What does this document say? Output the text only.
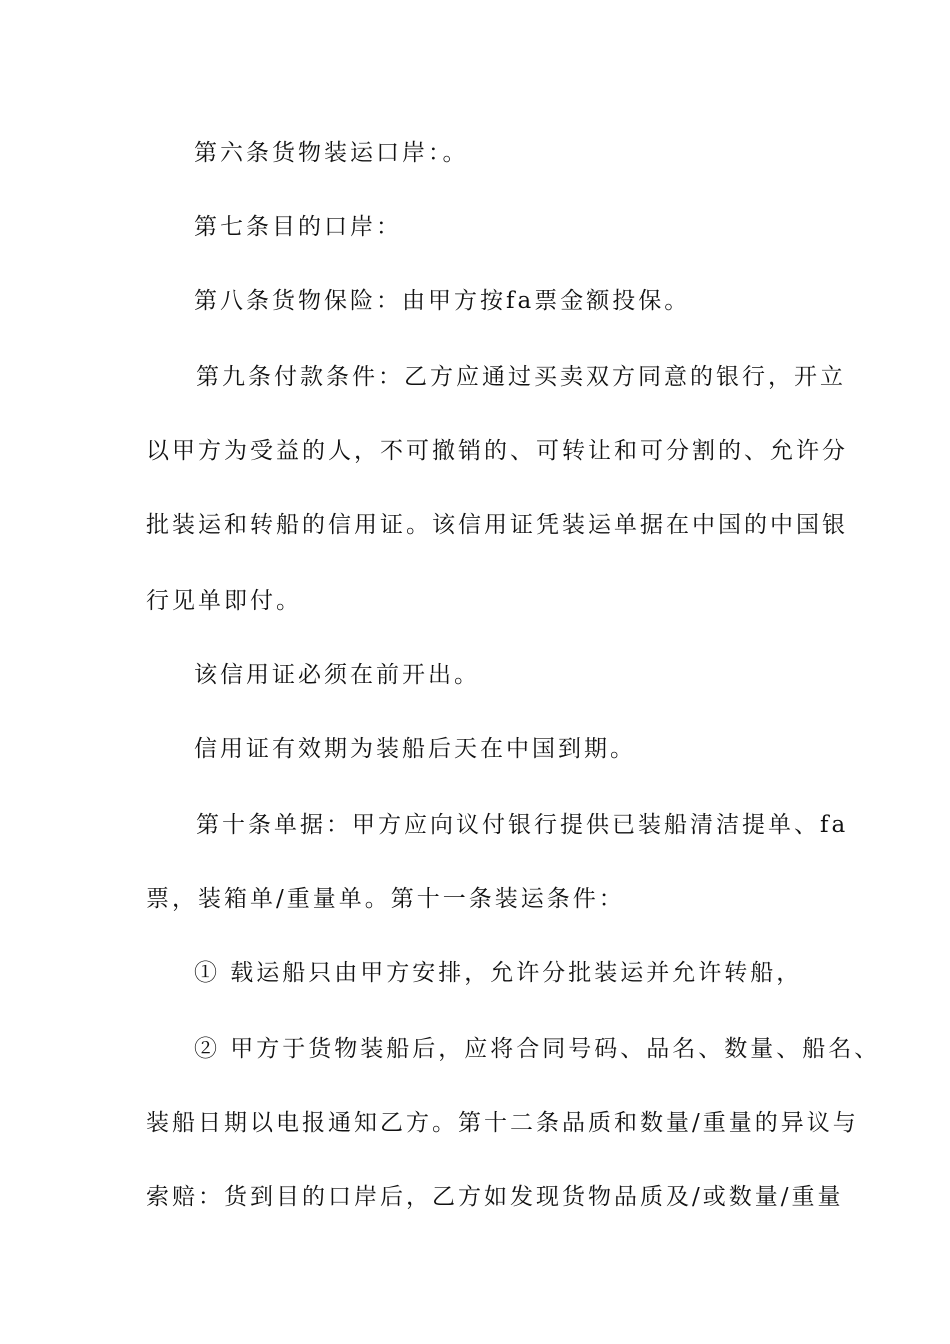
第六条货物装运口岸：。
第七条目的口岸：
第八条货物保险：由甲方按fa票金额投保。
第九条付款条件：乙方应通过买卖双方同意的银行，开立
以甲方为受益的人，不可撤销的、可转让和可分割的、允许分
批装运和转船的信用证。该信用证凭装运单据在中国的中国银
行见单即付。
该信用证必须在前开出。
信用证有效期为装船后天在中国到期。
第十条单据：甲方应向议付银行提供已装船清洁提单、fa
票，装箱单/重量单。第十一条装运条件：
① 载运船只由甲方安排，允许分批装运并允许转船，
② 甲方于货物装船后，应将合同号码、品名、数量、船名、
装船日期以电报通知乙方。第十二条品质和数量/重量的异议与
索赔：货到目的口岸后，乙方如发现货物品质及/或数量/重量
